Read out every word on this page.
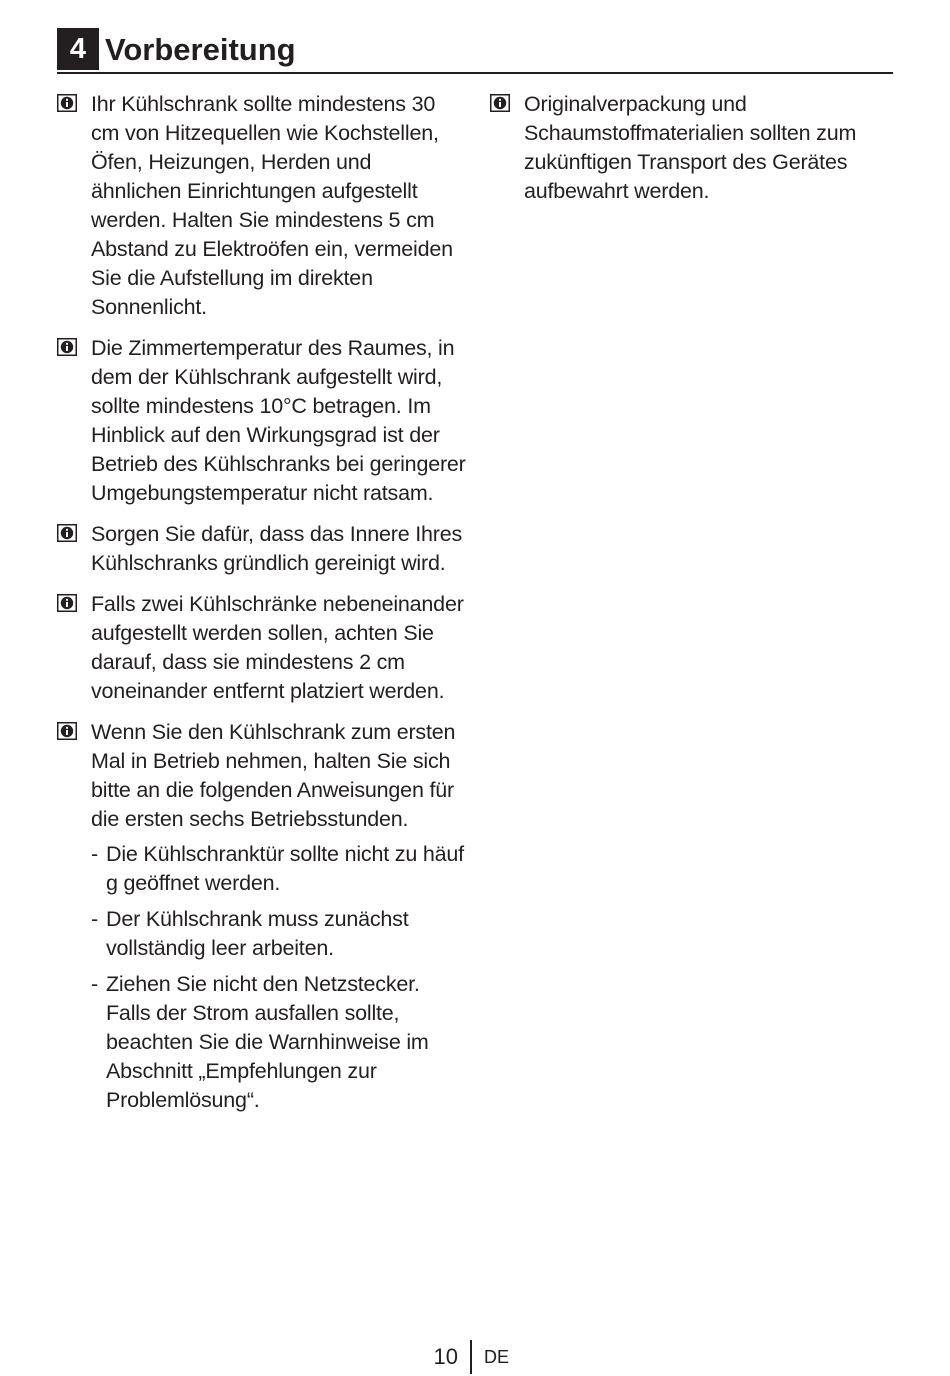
4 Vorbereitung
Ihr Kühlschrank sollte mindestens 30 cm von Hitzequellen wie Kochstellen, Öfen, Heizungen, Herden und ähnlichen Einrichtungen aufgestellt werden. Halten Sie mindestens 5 cm Abstand zu Elektroöfen ein, vermeiden Sie die Aufstellung im direkten Sonnenlicht.
Die Zimmertemperatur des Raumes, in dem der Kühlschrank aufgestellt wird, sollte mindestens 10°C betragen. Im Hinblick auf den Wirkungsgrad ist der Betrieb des Kühlschranks bei geringerer Umgebungstemperatur nicht ratsam.
Sorgen Sie dafür, dass das Innere Ihres Kühlschranks gründlich gereinigt wird.
Falls zwei Kühlschränke nebeneinander aufgestellt werden sollen, achten Sie darauf, dass sie mindestens 2 cm voneinander entfernt platziert werden.
Wenn Sie den Kühlschrank zum ersten Mal in Betrieb nehmen, halten Sie sich bitte an die folgenden Anweisungen für die ersten sechs Betriebsstunden.
- Die Kühlschranktür sollte nicht zu häuf g geöffnet werden.
- Der Kühlschrank muss zunächst vollständig leer arbeiten.
- Ziehen Sie nicht den Netzstecker. Falls der Strom ausfallen sollte, beachten Sie die Warnhinweise im Abschnitt „Empfehlungen zur Problemlösung“.
Originalverpackung und Schaumstoffmaterialien sollten zum zukünftigen Transport des Gerätes aufbewahrt werden.
10 DE
